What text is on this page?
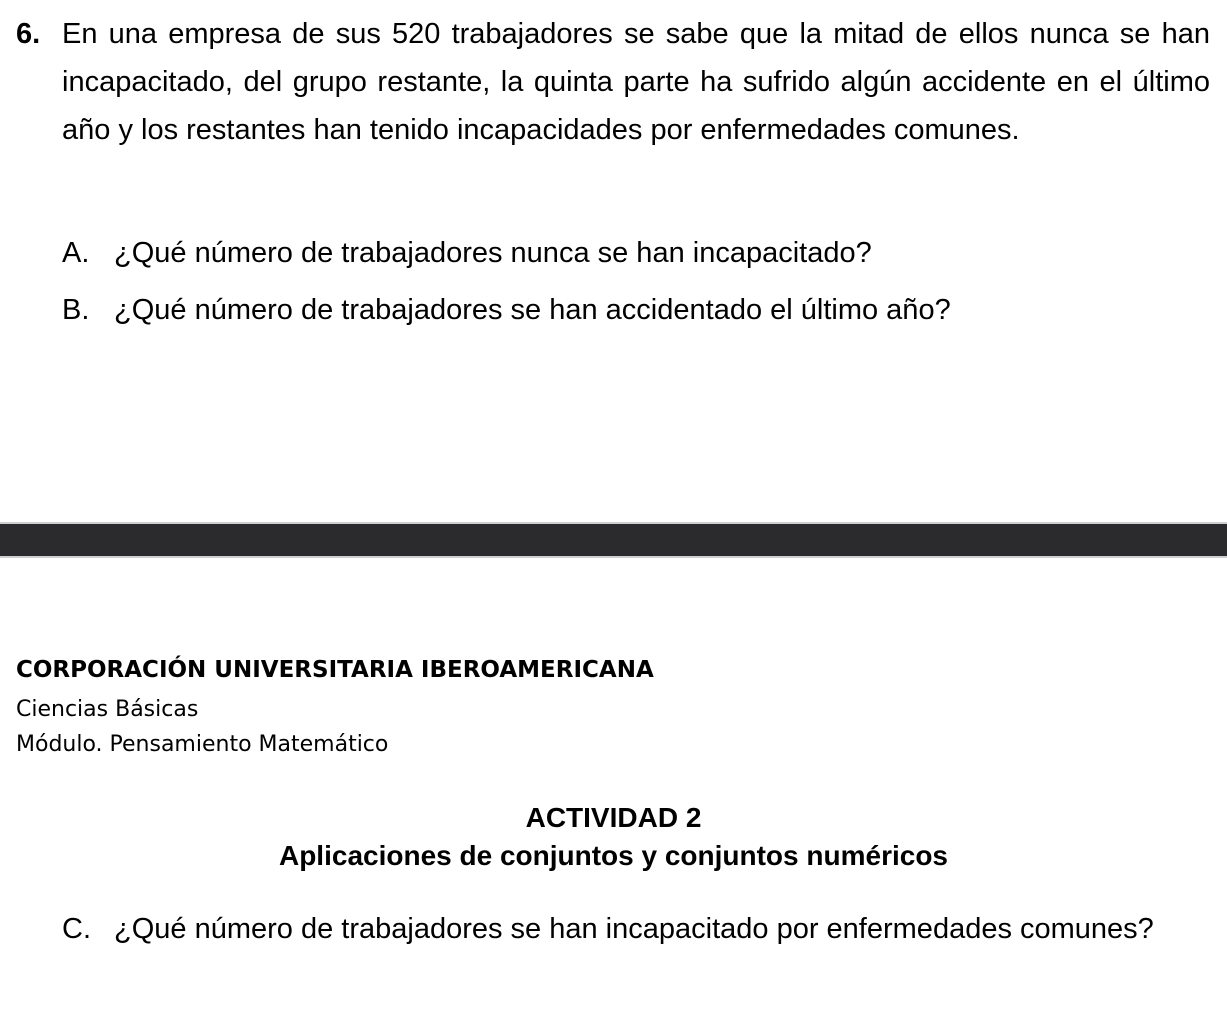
6. En una empresa de sus 520 trabajadores se sabe que la mitad de ellos nunca se han incapacitado, del grupo restante, la quinta parte ha sufrido algún accidente en el último año y los restantes han tenido incapacidades por enfermedades comunes.
A. ¿Qué número de trabajadores nunca se han incapacitado?
B. ¿Qué número de trabajadores se han accidentado el último año?
CORPORACIÓN UNIVERSITARIA IBEROAMERICANA
Ciencias Básicas
Módulo. Pensamiento Matemático
ACTIVIDAD 2
Aplicaciones de conjuntos y conjuntos numéricos
C. ¿Qué número de trabajadores se han incapacitado por enfermedades comunes?
